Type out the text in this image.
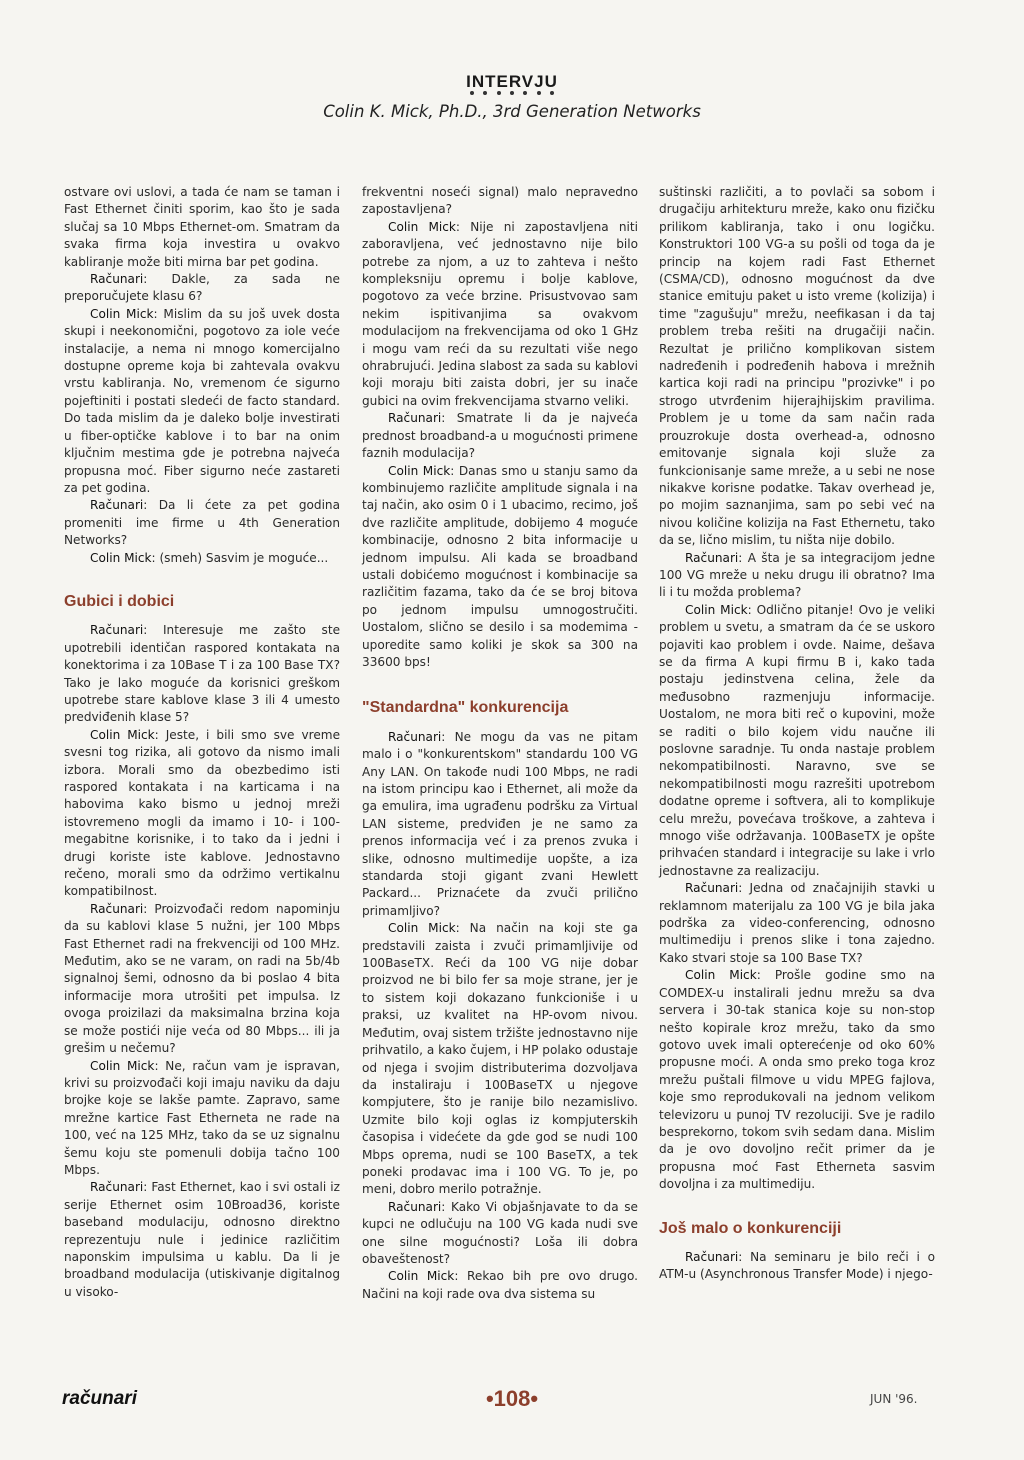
INTERVJU
Colin K. Mick, Ph.D., 3rd Generation Networks

ostvare ovi uslovi, a tada će nam se taman i Fast Ethernet činiti sporim, kao što je sada slučaj sa 10 Mbps Ethernet-om. Smatram da svaka firma koja investira u ovakvo kabliranje može biti mirna bar pet godina.

Računari: Dakle, za sada ne preporučujete klasu 6?

Colin Mick: Mislim da su još uvek dosta skupi i neekonomični, pogotovo za iole veće instalacije, a nema ni mnogo komercijalno dostupne opreme koja bi zahtevala ovakvu vrstu kabliranja. No, vremenom će sigurno pojeftiniti i postati sledeći de facto standard. Do tada mislim da je daleko bolje investirati u fiber-optičke kablove i to bar na onim ključnim mestima gde je potrebna najveća propusna moć. Fiber sigurno neće zastareti za pet godina.

Računari: Da li ćete za pet godina promeniti ime firme u 4th Generation Networks?

Colin Mick: (smeh) Sasvim je moguće...

Gubici i dobici

Računari: Interesuje me zašto ste upotrebili identičan raspored kontakata na konektorima i za 10Base T i za 100 Base TX? Tako je lako moguće da korisnici greškom upotrebe stare kablove klase 3 ili 4 umesto predviđenih klase 5?

Colin Mick: Jeste, i bili smo sve vreme svesni tog rizika, ali gotovo da nismo imali izbora. Morali smo da obezbedimo isti raspored kontakata i na karticama i na habovima kako bismo u jednoj mreži istovremeno mogli da imamo i 10- i 100-megabitne korisnike, i to tako da i jedni i drugi koriste iste kablove. Jednostavno rečeno, morali smo da održimo vertikalnu kompatibilnost.

Računari: Proizvođači redom napominju da su kablovi klase 5 nužni, jer 100 Mbps Fast Ethernet radi na frekvenciji od 100 MHz. Međutim, ako se ne varam, on radi na 5b/4b signalnoj šemi, odnosno da bi poslao 4 bita informacije mora utrošiti pet impulsa. Iz ovoga proizilazi da maksimalna brzina koja se može postići nije veća od 80 Mbps... ili ja grešim u nečemu?

Colin Mick: Ne, račun vam je ispravan, krivi su proizvođači koji imaju naviku da daju brojke koje se lakše pamte. Zapravo, same mrežne kartice Fast Etherneta ne rade na 100, već na 125 MHz, tako da se uz signalnu šemu koju ste pomenuli dobija tačno 100 Mbps.

Računari: Fast Ethernet, kao i svi ostali iz serije Ethernet osim 10Broad36, koriste baseband modulaciju, odnosno direktno reprezentuju nule i jedinice različitim naponskim impulsima u kablu. Da li je broadband modulacija (utiskivanje digitalnog u visoko-

frekventni noseći signal) malo nepravedno zapostavljena?

Colin Mick: Nije ni zapostavljena niti zaboravljena, već jednostavno nije bilo potrebe za njom, a uz to zahteva i nešto kompleksniju opremu i bolje kablove, pogotovo za veće brzine. Prisustvovao sam nekim ispitivanjima sa ovakvom modulacijom na frekvencijama od oko 1 GHz i mogu vam reći da su rezultati više nego ohrabrujući. Jedina slabost za sada su kablovi koji moraju biti zaista dobri, jer su inače gubici na ovim frekvencijama stvarno veliki.

Računari: Smatrate li da je najveća prednost broadband-a u mogućnosti primene faznih modulacija?

Colin Mick: Danas smo u stanju samo da kombinujemo različite amplitude signala i na taj način, ako osim 0 i 1 ubacimo, recimo, još dve različite amplitude, dobijemo 4 moguće kombinacije, odnosno 2 bita informacije u jednom impulsu. Ali kada se broadband ustali dobićemo mogućnost i kombinacije sa različitim fazama, tako da će se broj bitova po jednom impulsu umnogostručiti. Uostalom, slično se desilo i sa modemima - uporedite samo koliki je skok sa 300 na 33600 bps!

"Standardna" konkurencija

Računari: Ne mogu da vas ne pitam malo i o "konkurentskom" standardu 100 VG Any LAN. On takođe nudi 100 Mbps, ne radi na istom principu kao i Ethernet, ali može da ga emulira, ima ugrađenu podršku za Virtual LAN sisteme, predviđen je ne samo za prenos informacija već i za prenos zvuka i slike, odnosno multimedije uopšte, a iza standarda stoji gigant zvani Hewlett Packard... Priznaćete da zvuči prilično primamljivo?

Colin Mick: Na način na koji ste ga predstavili zaista i zvuči primamljivije od 100BaseTX. Reći da 100 VG nije dobar proizvod ne bi bilo fer sa moje strane, jer je to sistem koji dokazano funkcioniše i u praksi, uz kvalitet na HP-ovom nivou. Međutim, ovaj sistem tržište jednostavno nije prihvatilo, a kako čujem, i HP polako odustaje od njega i svojim distributerima dozvoljava da instaliraju i 100BaseTX u njegove kompjutere, što je ranije bilo nezamislivo. Uzmite bilo koji oglas iz kompjuterskih časopisa i videćete da gde god se nudi 100 Mbps oprema, nudi se 100 BaseTX, a tek poneki prodavac ima i 100 VG. To je, po meni, dobro merilo potražnje.

Računari: Kako Vi objašnjavate to da se kupci ne odlučuju na 100 VG kada nudi sve one silne mogućnosti? Loša ili dobra obaveštenost?

Colin Mick: Rekao bih pre ovo drugo. Načini na koji rade ova dva sistema su

suštinski različiti, a to povlači sa sobom i drugačiju arhitekturu mreže, kako onu fizičku prilikom kabliranja, tako i onu logičku. Konstruktori 100 VG-a su pošli od toga da je princip na kojem radi Fast Ethernet (CSMA/CD), odnosno mogućnost da dve stanice emituju paket u isto vreme (kolizija) i time "zagušuju" mrežu, neefikasan i da taj problem treba rešiti na drugačiji način. Rezultat je prilično komplikovan sistem nadređenih i podređenih habova i mrežnih kartica koji radi na principu "prozivke" i po strogo utvrđenim hijerajhijskim pravilima. Problem je u tome da sam način rada prouzrokuje dosta overhead-a, odnosno emitovanje signala koji služe za funkcionisanje same mreže, a u sebi ne nose nikakve korisne podatke. Takav overhead je, po mojim saznanjima, sam po sebi već na nivou količine kolizija na Fast Ethernetu, tako da se, lično mislim, tu ništa nije dobilo.

Računari: A šta je sa integracijom jedne 100 VG mreže u neku drugu ili obratno? Ima li i tu možda problema?

Colin Mick: Odlično pitanje! Ovo je veliki problem u svetu, a smatram da će se uskoro pojaviti kao problem i ovde. Naime, dešava se da firma A kupi firmu B i, kako tada postaju jedinstvena celina, žele da međusobno razmenjuju informacije. Uostalom, ne mora biti reč o kupovini, može se raditi o bilo kojem vidu naučne ili poslovne saradnje. Tu onda nastaje problem nekompatibilnosti. Naravno, sve se nekompatibilnosti mogu razrešiti upotrebom dodatne opreme i softvera, ali to komplikuje celu mrežu, povećava troškove, a zahteva i mnogo više održavanja. 100BaseTX je opšte prihvaćen standard i integracije su lake i vrlo jednostavne za realizaciju.

Računari: Jedna od značajnijih stavki u reklamnom materijalu za 100 VG je bila jaka podrška za video-conferencing, odnosno multimediju i prenos slike i tona zajedno. Kako stvari stoje sa 100 Base TX?

Colin Mick: Prošle godine smo na COMDEX-u instalirali jednu mrežu sa dva servera i 30-tak stanica koje su non-stop nešto kopirale kroz mrežu, tako da smo gotovo uvek imali opterećenje od oko 60% propusne moći. A onda smo preko toga kroz mrežu puštali filmove u vidu MPEG fajlova, koje smo reprodukovali na jednom velikom televizoru u punoj TV rezoluciji. Sve je radilo besprekorno, tokom svih sedam dana. Mislim da je ovo dovoljno rečit primer da je propusna moć Fast Etherneta sasvim dovoljna i za multimediju.

Još malo o konkurenciji

Računari: Na seminaru je bilo reči i o ATM-u (Asynchronous Transfer Mode) i njego-

računari	•108•	JUN '96.
